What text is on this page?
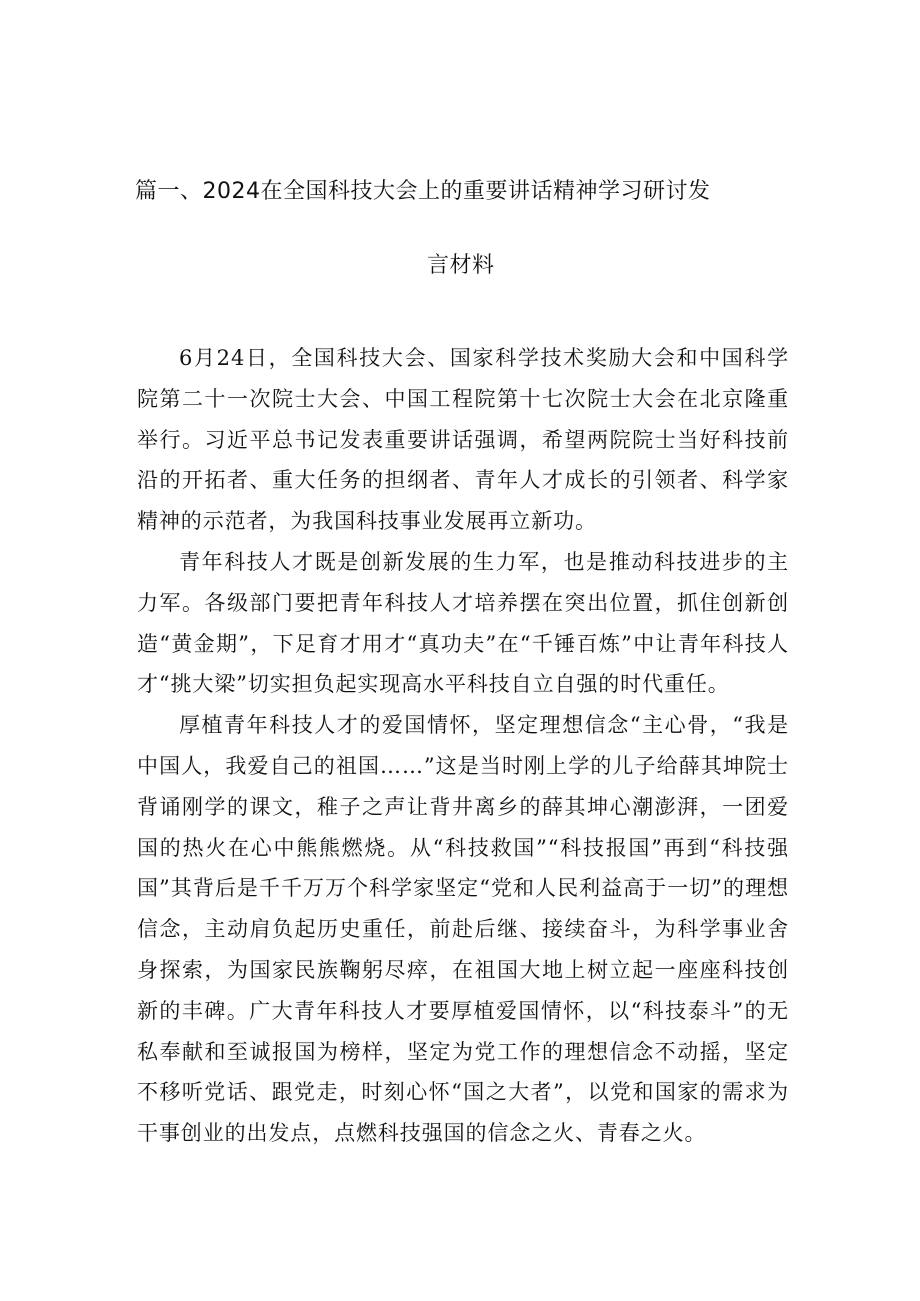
篇一、2024在全国科技大会上的重要讲话精神学习研讨发
言材料

6月24日，全国科技大会、国家科学技术奖励大会和中国科学院第二十一次院士大会、中国工程院第十七次院士大会在北京隆重举行。习近平总书记发表重要讲话强调，希望两院院士当好科技前沿的开拓者、重大任务的担纲者、青年人才成长的引领者、科学家精神的示范者，为我国科技事业发展再立新功。

青年科技人才既是创新发展的生力军，也是推动科技进步的主力军。各级部门要把青年科技人才培养摆在突出位置，抓住创新创造“黄金期”，下足育才用才“真功夫”在“千锤百炼”中让青年科技人才“挑大梁”切实担负起实现高水平科技自立自强的时代重任。

厚植青年科技人才的爱国情怀，坚定理想信念“主心骨，“我是中国人，我爱自己的祖国……”这是当时刚上学的儿子给薛其坤院士背诵刚学的课文，稚子之声让背井离乡的薛其坤心潮澎湃，一团爱国的热火在心中熊熊燃烧。从“科技救国”“科技报国”再到“科技强国”其背后是千千万万个科学家坚定“党和人民利益高于一切”的理想信念，主动肩负起历史重任，前赴后继、接续奋斗，为科学事业舍身探索，为国家民族鞠躬尽瘁，在祖国大地上树立起一座座科技创新的丰碑。广大青年科技人才要厚植爱国情怀，以“科技泰斗”的无私奉献和至诚报国为榜样，坚定为党工作的理想信念不动摇，坚定不移听党话、跟党走，时刻心怀“国之大者”，以党和国家的需求为干事创业的出发点，点燃科技强国的信念之火、青春之火。
